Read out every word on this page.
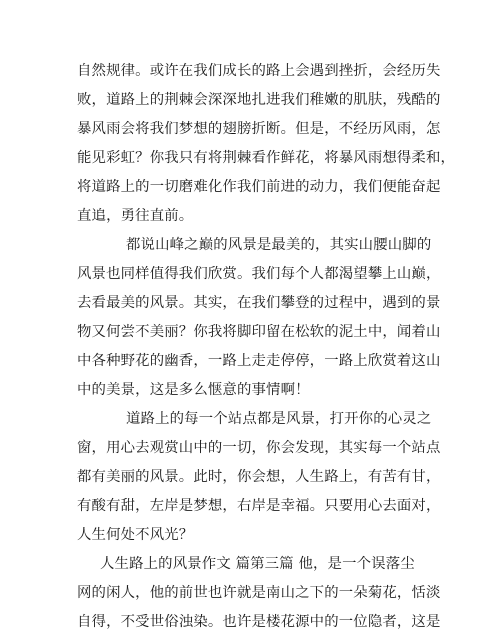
自然规律。或许在我们成长的路上会遇到挫折，会经历失
败，道路上的荆棘会深深地扎进我们稚嫩的肌肤，残酷的
暴风雨会将我们梦想的翅膀折断。但是，不经历风雨，怎
能见彩虹？你我只有将荆棘看作鲜花，将暴风雨想得柔和，
将道路上的一切磨难化作我们前进的动力，我们便能奋起
直追，勇往直前。
都说山峰之巅的风景是最美的，其实山腰山脚的
风景也同样值得我们欣赏。我们每个人都渴望攀上山巅，
去看最美的风景。其实，在我们攀登的过程中，遇到的景
物又何尝不美丽？你我将脚印留在松软的泥土中，闻着山
中各种野花的幽香，一路上走走停停，一路上欣赏着这山
中的美景，这是多么惬意的事情啊！
道路上的每一个站点都是风景，打开你的心灵之
窗，用心去观赏山中的一切，你会发现，其实每一个站点
都有美丽的风景。此时，你会想，人生路上，有苦有甘，
有酸有甜，左岸是梦想，右岸是幸福。只要用心去面对，
人生何处不风光？
人生路上的风景作文 篇第三篇 他，是一个误落尘
网的闲人，他的前世也许就是南山之下的一朵菊花，恬淡
自得，不受世俗浊染。也许是楼花源中的一位隐者，这是
